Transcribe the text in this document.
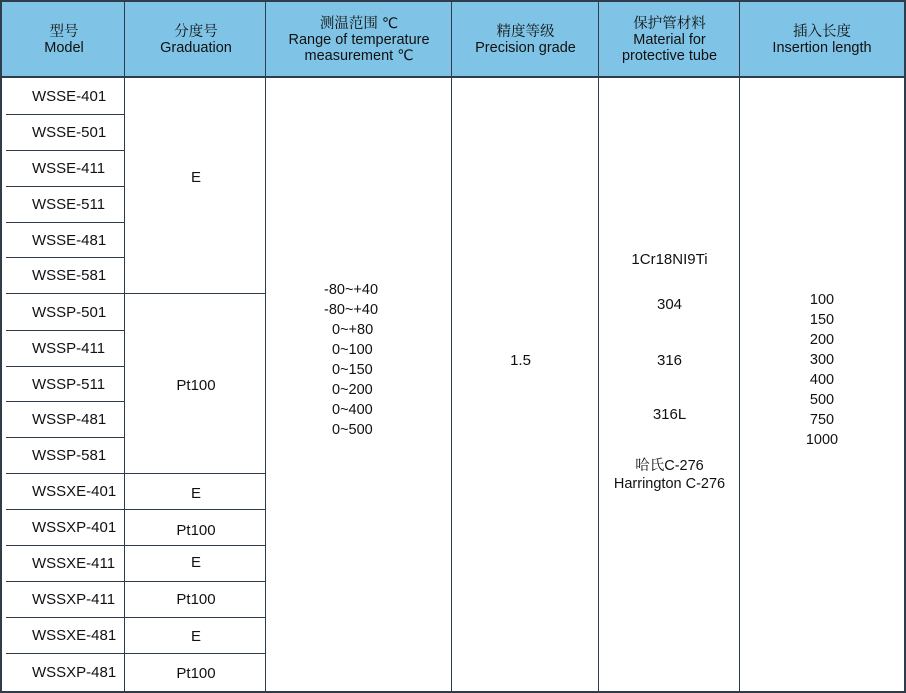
型号
Model
分度号
Graduation
测温范围 ℃
Range of temperature
measurement ℃
精度等级
Precision grade
保护管材料
Material for
protective tube
插入长度
Insertion length
WSSE-401
WSSE-501
WSSE-411
WSSE-511
WSSE-481
WSSE-581
WSSP-501
WSSP-411
WSSP-511
WSSP-481
WSSP-581
WSSXE-401
WSSXP-401
WSSXE-411
WSSXP-411
WSSXE-481
WSSXP-481
E
Pt100
E
Pt100
E
Pt100
E
Pt100
-80~+40
-80~+40
0~+80
0~100
0~150
0~200
0~400
0~500
1.5
1Cr18NI9Ti
304
316
316L
哈氏C-276
Harrington C-276
100
150
200
300
400
500
750
1000
